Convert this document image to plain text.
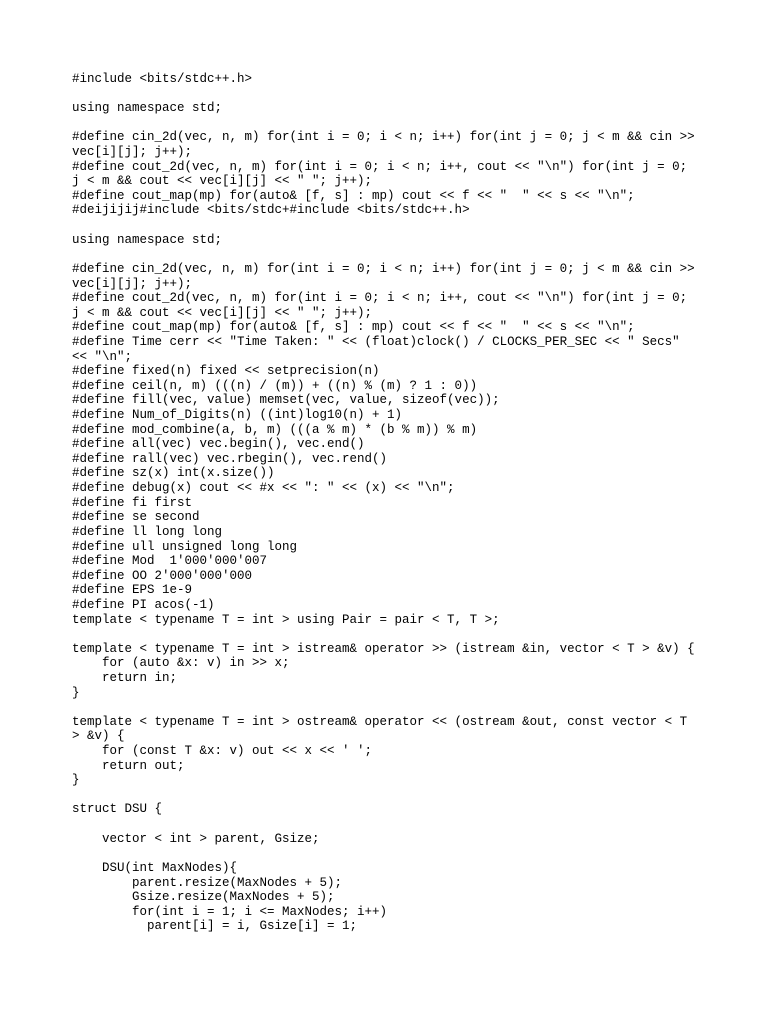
#include <bits/stdc++.h>
using namespace std;
#define cin_2d(vec, n, m) for(int i = 0; i < n; i++) for(int j = 0; j < m && cin >>
vec[i][j]; j++);
#define cout_2d(vec, n, m) for(int i = 0; i < n; i++, cout << "\n") for(int j = 0;
j < m && cout << vec[i][j] << " "; j++);
#define cout_map(mp) for(auto& [f, s] : mp) cout << f << "  " << s << "\n";
#deijijij#include <bits/stdc+#include <bits/stdc++.h>
using namespace std;
#define cin_2d(vec, n, m) for(int i = 0; i < n; i++) for(int j = 0; j < m && cin >>
vec[i][j]; j++);
#define cout_2d(vec, n, m) for(int i = 0; i < n; i++, cout << "\n") for(int j = 0;
j < m && cout << vec[i][j] << " "; j++);
#define cout_map(mp) for(auto& [f, s] : mp) cout << f << "  " << s << "\n";
#define Time cerr << "Time Taken: " << (float)clock() / CLOCKS_PER_SEC << " Secs"
<< "\n";
#define fixed(n) fixed << setprecision(n)
#define ceil(n, m) (((n) / (m)) + ((n) % (m) ? 1 : 0))
#define fill(vec, value) memset(vec, value, sizeof(vec));
#define Num_of_Digits(n) ((int)log10(n) + 1)
#define mod_combine(a, b, m) (((a % m) * (b % m)) % m)
#define all(vec) vec.begin(), vec.end()
#define rall(vec) vec.rbegin(), vec.rend()
#define sz(x) int(x.size())
#define debug(x) cout << #x << ": " << (x) << "\n";
#define fi first
#define se second
#define ll long long
#define ull unsigned long long
#define Mod  1'000'000'007
#define OO 2'000'000'000
#define EPS 1e-9
#define PI acos(-1)
template < typename T = int > using Pair = pair < T, T >;
template < typename T = int > istream& operator >> (istream &in, vector < T > &v) {
for (auto &x: v) in >> x;
return in;
}
template < typename T = int > ostream& operator << (ostream &out, const vector < T
> &v) {
for (const T &x: v) out << x << ' ';
return out;
}
struct DSU {
vector < int > parent, Gsize;
DSU(int MaxNodes){
parent.resize(MaxNodes + 5);
Gsize.resize(MaxNodes + 5);
for(int i = 1; i <= MaxNodes; i++)
parent[i] = i, Gsize[i] = 1;
